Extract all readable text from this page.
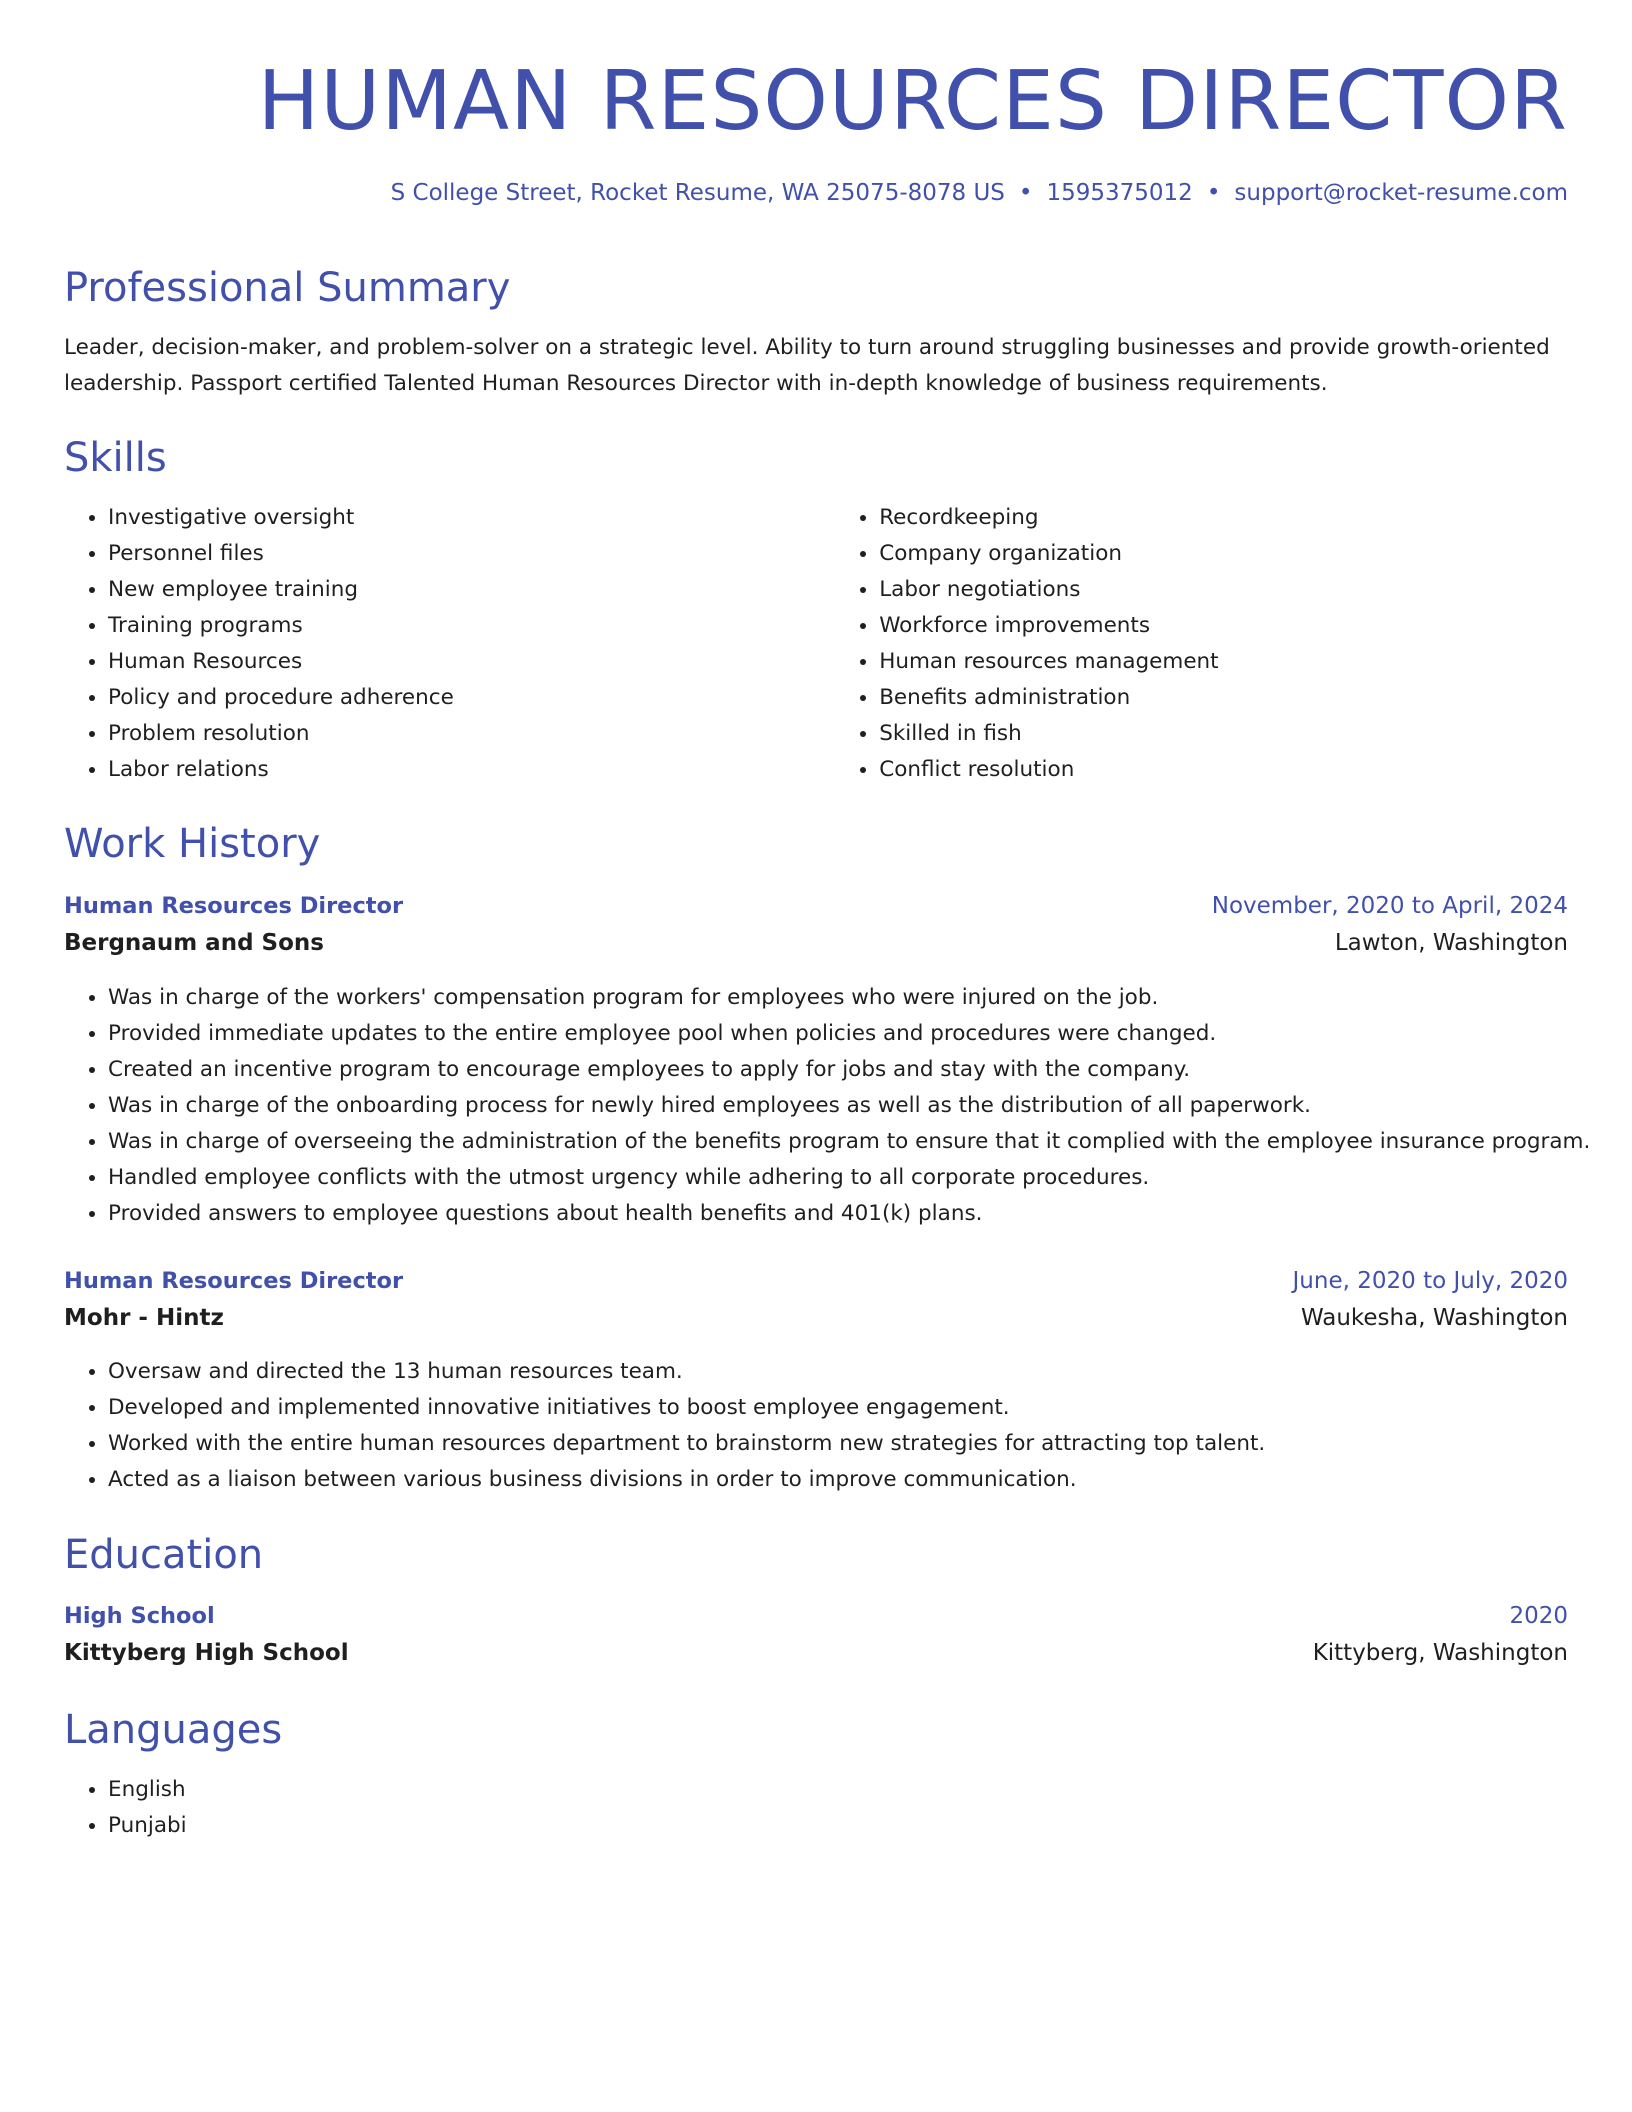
HUMAN RESOURCES DIRECTOR
S College Street, Rocket Resume, WA 25075-8078 US • 1595375012 • support@rocket-resume.com
Professional Summary

Leader, decision-maker, and problem-solver on a strategic level. Ability to turn around struggling businesses and provide growth-oriented leadership. Passport certified Talented Human Resources Director with in-depth knowledge of business requirements.

Skills
• Investigative oversight
• Personnel files
• New employee training
• Training programs
• Human Resources
• Policy and procedure adherence
• Problem resolution
• Labor relations
• Recordkeeping
• Company organization
• Labor negotiations
• Workforce improvements
• Human resources management
• Benefits administration
• Skilled in fish
• Conflict resolution
Work History
Human Resources Director	November, 2020 to April, 2024
Bergnaum and Sons	Lawton, Washington
• Was in charge of the workers' compensation program for employees who were injured on the job.
• Provided immediate updates to the entire employee pool when policies and procedures were changed.
• Created an incentive program to encourage employees to apply for jobs and stay with the company.
• Was in charge of the onboarding process for newly hired employees as well as the distribution of all paperwork.
• Was in charge of overseeing the administration of the benefits program to ensure that it complied with the employee insurance program.
• Handled employee conflicts with the utmost urgency while adhering to all corporate procedures.
• Provided answers to employee questions about health benefits and 401(k) plans.
Human Resources Director	June, 2020 to July, 2020
Mohr - Hintz	Waukesha, Washington
• Oversaw and directed the 13 human resources team.
• Developed and implemented innovative initiatives to boost employee engagement.
• Worked with the entire human resources department to brainstorm new strategies for attracting top talent.
• Acted as a liaison between various business divisions in order to improve communication.
Education
High School	2020
Kittyberg High School	Kittyberg, Washington
Languages
• English
• Punjabi
